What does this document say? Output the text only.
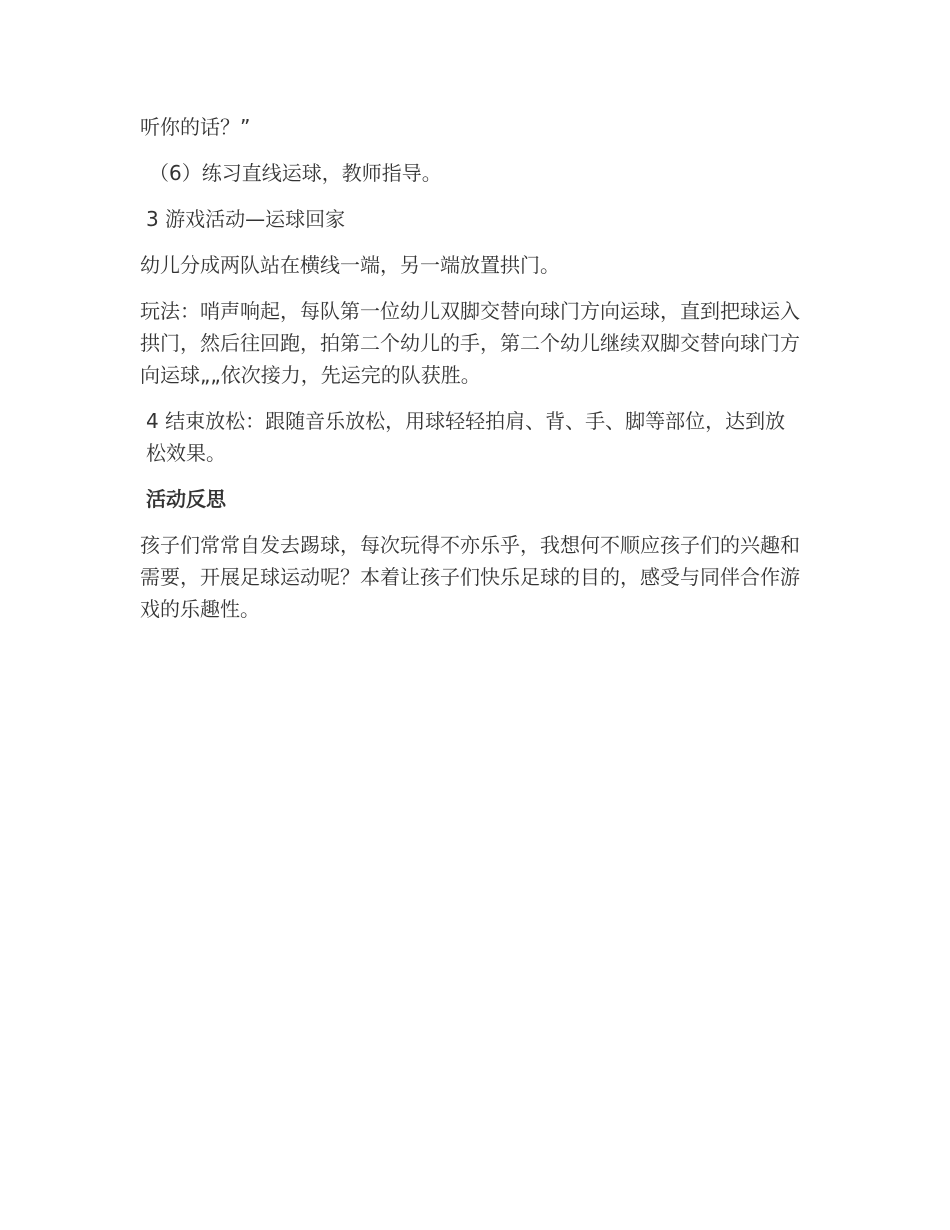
听你的话？”

（6）练习直线运球，教师指导。

3 游戏活动—运球回家

幼儿分成两队站在横线一端，另一端放置拱门。

玩法：哨声响起，每队第一位幼儿双脚交替向球门方向运球，直到把球运入拱门，然后往回跑，拍第二个幼儿的手，第二个幼儿继续双脚交替向球门方向运球„„依次接力，先运完的队获胜。

4 结束放松：跟随音乐放松，用球轻轻拍肩、背、手、脚等部位，达到放松效果。

活动反思

孩子们常常自发去踢球，每次玩得不亦乐乎，我想何不顺应孩子们的兴趣和需要，开展足球运动呢？本着让孩子们快乐足球的目的，感受与同伴合作游戏的乐趣性。
